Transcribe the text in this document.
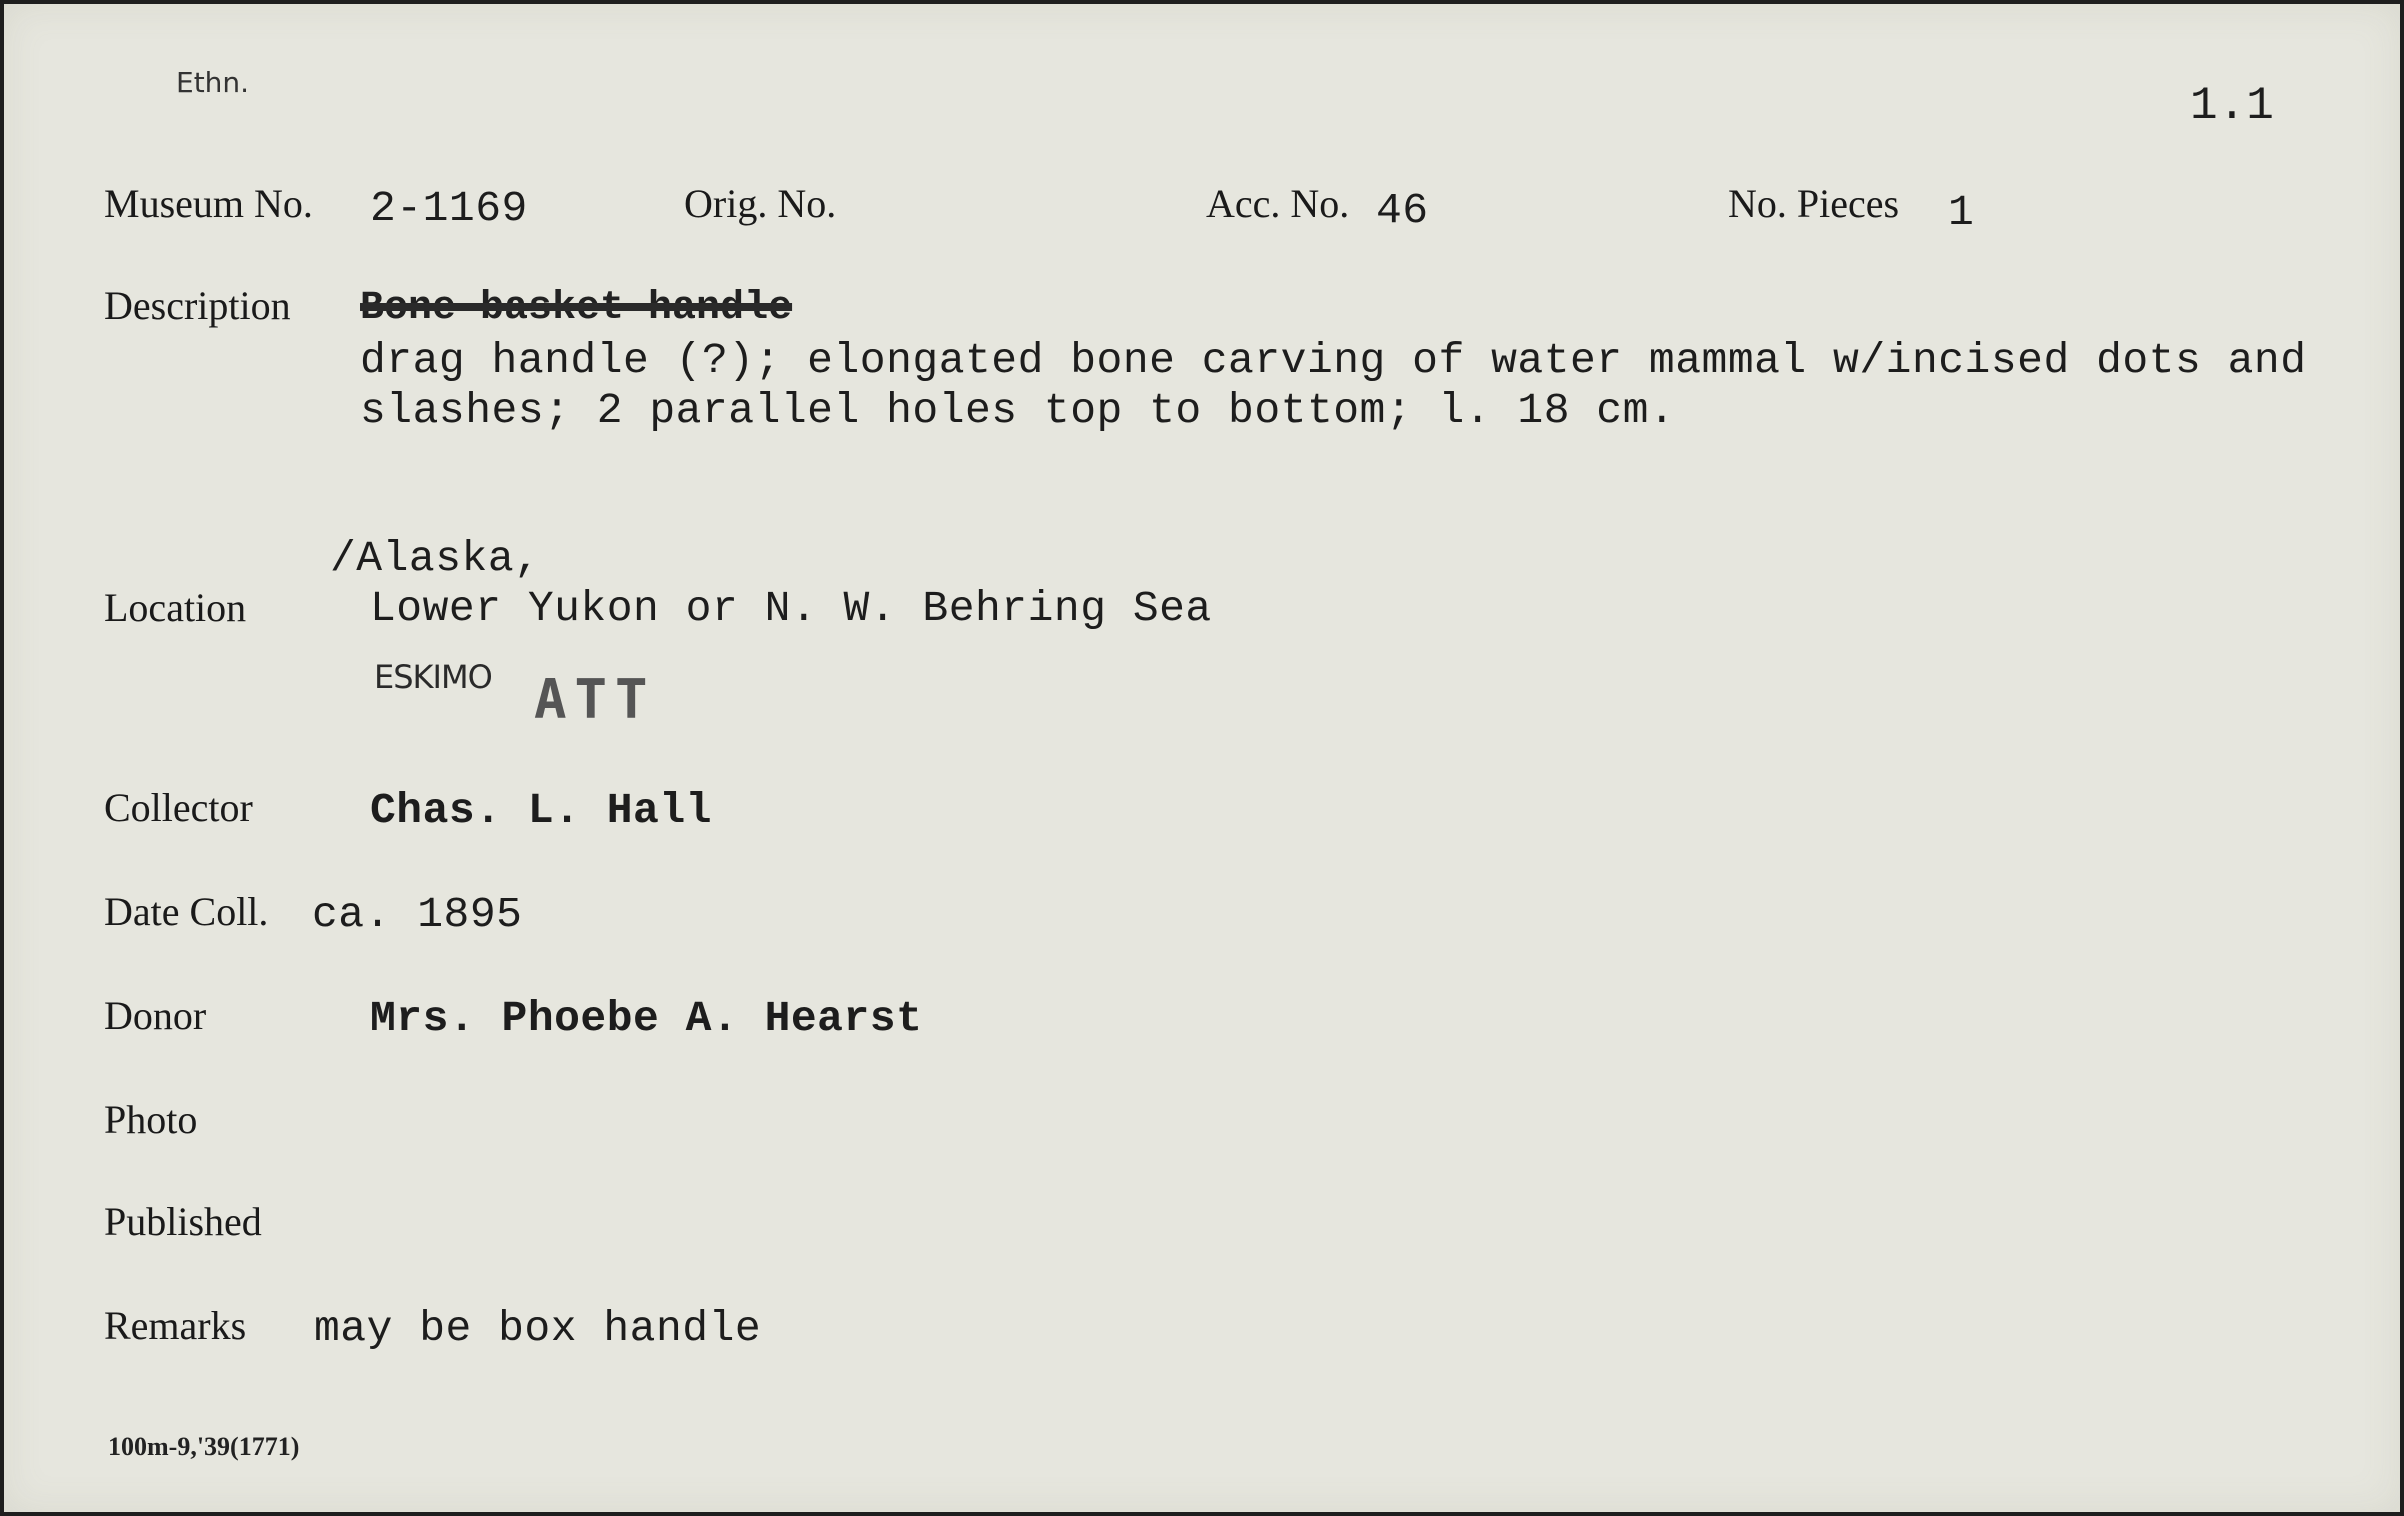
Ethn.	1.1
Museum No. 2-1169	Orig. No.	Acc. No. 46	No. Pieces 1
Description Bone basket handle
drag handle (?); elongated bone carving of water mammal w/incised dots and
slashes; 2 parallel holes top to bottom; l. 18 cm.
/Alaska,
Location	Lower Yukon or N. W. Behring Sea
ESKIMO ATT
Collector	Chas. L. Hall
Date Coll. ca. 1895
Donor	Mrs. Phoebe A. Hearst
Photo
Published
Remarks may be box handle
100m-9,'39(1771)
